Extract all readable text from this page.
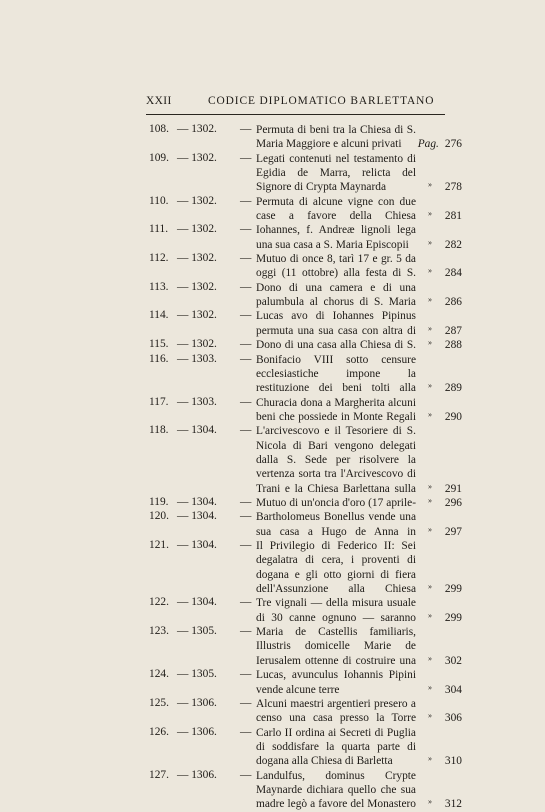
XXII	CODICE DIPLOMATICO BARLETTANO
108. — 1302. — Permuta di beni tra la Chiesa di S. Maria Maggiore e alcuni privati	Pag. 276
109. — 1302. — Legati contenuti nel testamento di Egidia de Marra, relicta del Signore di Crypta Maynarda	» 278
110. — 1302. — Permuta di alcune vigne con due case a favore della Chiesa » 281
111. — 1302. — Iohannes, f. Andreæ lignoli lega una sua casa a S. Maria Episcopii	» 282
112. — 1302. — Mutuo di once 8, tarì 17 e gr. 5 da oggi (11 ottobre) alla festa di S. » 284
113. — 1302. — Dono di una camera e di una palumbula al chorus di S. Maria » 286
114. — 1302. — Lucas avo di Iohannes Pipinus permuta una sua casa con altra di » 287
115. — 1302. — Dono di una casa alla Chiesa di S. » 288
116. — 1303. — Bonifacio VIII sotto censure ecclesiastiche impone la restituzione dei beni tolti alla » 289
117. — 1303. — Churacia dona a Margherita alcuni beni che possiede in Monte Regali » 290
118. — 1304. — L'arcivescovo e il Tesoriere di S. Nicola di Bari vengono delegati dalla S. Sede per risolvere la vertenza sorta tra l'Arcivescovo di Trani e la Chiesa Barlettana sulla » 291
119. — 1304. — Mutuo di un'oncia d'oro (17 aprile- » 296
120. — 1304. — Bartholomeus Bonellus vende una sua casa a Hugo de Anna in » 297
121. — 1304. — Il Privilegio di Federico II: Sei degalatra di cera, i proventi di dogana e gli otto giorni di fiera dell'Assunzione alla Chiesa » 299
122. — 1304. — Tre vignali — della misura usuale di 30 canne ognuno — saranno » 299
123. — 1305. — Maria de Castellis familiaris, Illustris domicelle Marie de Ierusalem ottenne di costruire una » 302
124. — 1305. — Lucas, avunculus Iohannis Pipini vende alcune terre	» 304
125. — 1306. — Alcuni maestri argentieri presero a censo una casa presso la Torre » 306
126. — 1306. — Carlo II ordina ai Secreti di Puglia di soddisfare la quarta parte di dogana alla Chiesa di Barletta	» 310
127. — 1306. — Landulfus, dominus Crypte Maynarde dichiara quello che sua madre legò a favore del Monastero » 312
